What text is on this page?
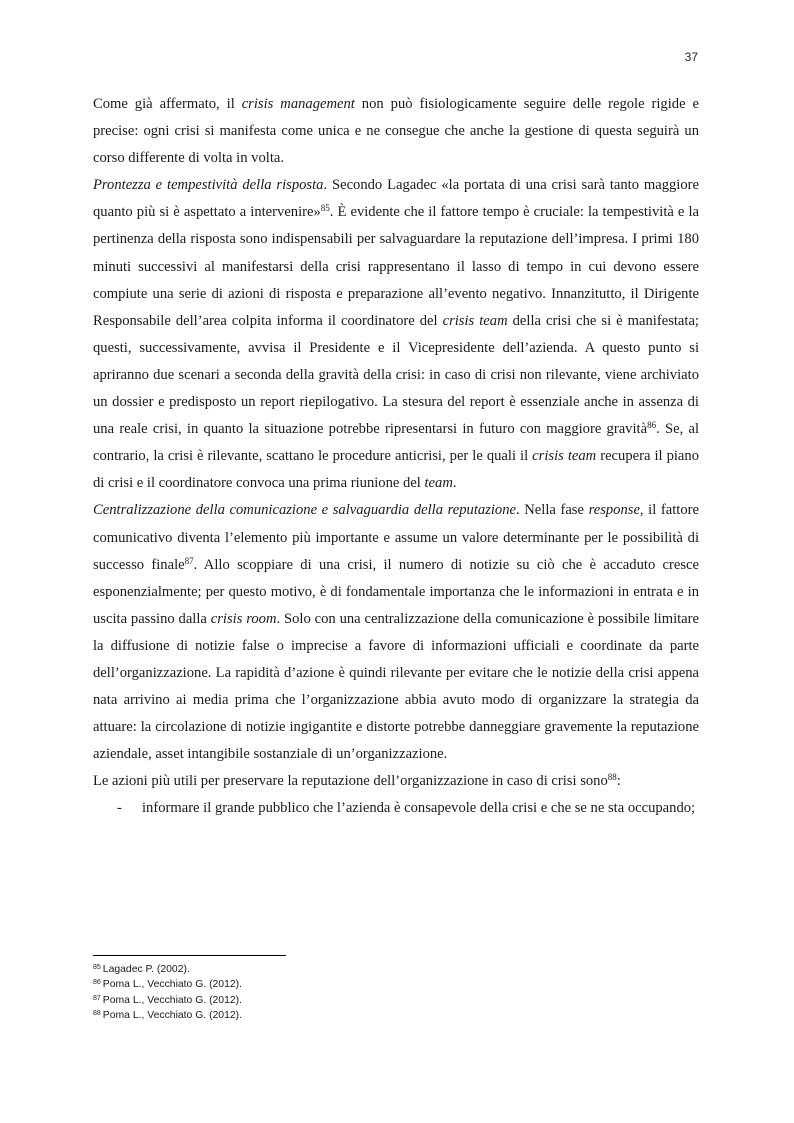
37

Come già affermato, il crisis management non può fisiologicamente seguire delle regole rigide e precise: ogni crisi si manifesta come unica e ne consegue che anche la gestione di questa seguirà un corso differente di volta in volta.

Prontezza e tempestività della risposta. Secondo Lagadec «la portata di una crisi sarà tanto maggiore quanto più si è aspettato a intervenire»$^{85}$. È evidente che il fattore tempo è cruciale: la tempestività e la pertinenza della risposta sono indispensabili per salvaguardare la reputazione dell’impresa. I primi 180 minuti successivi al manifestarsi della crisi rappresentano il lasso di tempo in cui devono essere compiute una serie di azioni di risposta e preparazione all’evento negativo. Innanzitutto, il Dirigente Responsabile dell’area colpita informa il coordinatore del crisis team della crisi che si è manifestata; questi, successivamente, avvisa il Presidente e il Vicepresidente dell’azienda. A questo punto si apriranno due scenari a seconda della gravità della crisi: in caso di crisi non rilevante, viene archiviato un dossier e predisposto un report riepilogativo. La stesura del report è essenziale anche in assenza di una reale crisi, in quanto la situazione potrebbe ripresentarsi in futuro con maggiore gravità$^{86}$. Se, al contrario, la crisi è rilevante, scattano le procedure anticrisi, per le quali il crisis team recupera il piano di crisi e il coordinatore convoca una prima riunione del team.

Centralizzazione della comunicazione e salvaguardia della reputazione. Nella fase response, il fattore comunicativo diventa l’elemento più importante e assume un valore determinante per le possibilità di successo finale$^{87}$. Allo scoppiare di una crisi, il numero di notizie su ciò che è accaduto cresce esponenzialmente; per questo motivo, è di fondamentale importanza che le informazioni in entrata e in uscita passino dalla crisis room. Solo con una centralizzazione della comunicazione è possibile limitare la diffusione di notizie false o imprecise a favore di informazioni ufficiali e coordinate da parte dell’organizzazione. La rapidità d’azione è quindi rilevante per evitare che le notizie della crisi appena nata arrivino ai media prima che l’organizzazione abbia avuto modo di organizzare la strategia da attuare: la circolazione di notizie ingigantite e distorte potrebbe danneggiare gravemente la reputazione aziendale, asset intangibile sostanziale di un’organizzazione.

Le azioni più utili per preservare la reputazione dell’organizzazione in caso di crisi sono$^{88}$:

- informare il grande pubblico che l’azienda è consapevole della crisi e che se ne sta occupando;
$^{85}$ Lagadec P. (2002).
$^{86}$ Poma L., Vecchiato G. (2012).
$^{87}$ Poma L., Vecchiato G. (2012).
$^{88}$ Poma L., Vecchiato G. (2012).
